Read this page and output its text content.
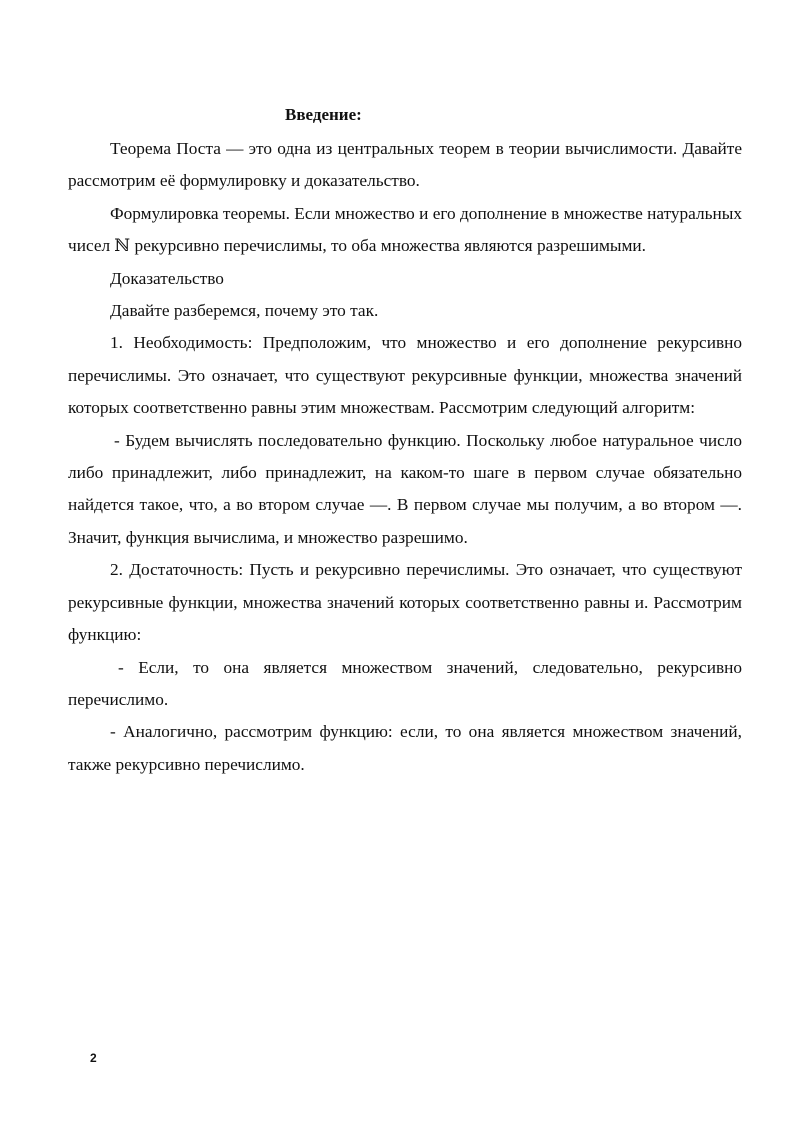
Введение:

Теорема Поста — это одна из центральных теорем в теории вычислимости. Давайте рассмотрим её формулировку и доказательство.

Формулировка теоремы. Если множество и его дополнение в множестве натуральных чисел ℕ рекурсивно перечислимы, то оба множества являются разрешимыми.

Доказательство

Давайте разберемся, почему это так.

1. Необходимость: Предположим, что множество и его дополнение рекурсивно перечислимы. Это означает, что существуют рекурсивные функции, множества значений которых соответственно равны этим множествам. Рассмотрим следующий алгоритм:

- Будем вычислять последовательно функцию. Поскольку любое натуральное число либо принадлежит, либо принадлежит, на каком-то шаге в первом случае обязательно найдется такое, что, а во втором случае —. В первом случае мы получим, а во втором —. Значит, функция вычислима, и множество разрешимо.

2. Достаточность: Пусть и рекурсивно перечислимы. Это означает, что существуют рекурсивные функции, множества значений которых соответственно равны и. Рассмотрим функцию:

- Если, то она является множеством значений, следовательно, рекурсивно перечислимо.

- Аналогично, рассмотрим функцию: если, то она является множеством значений, также рекурсивно перечислимо.

2
